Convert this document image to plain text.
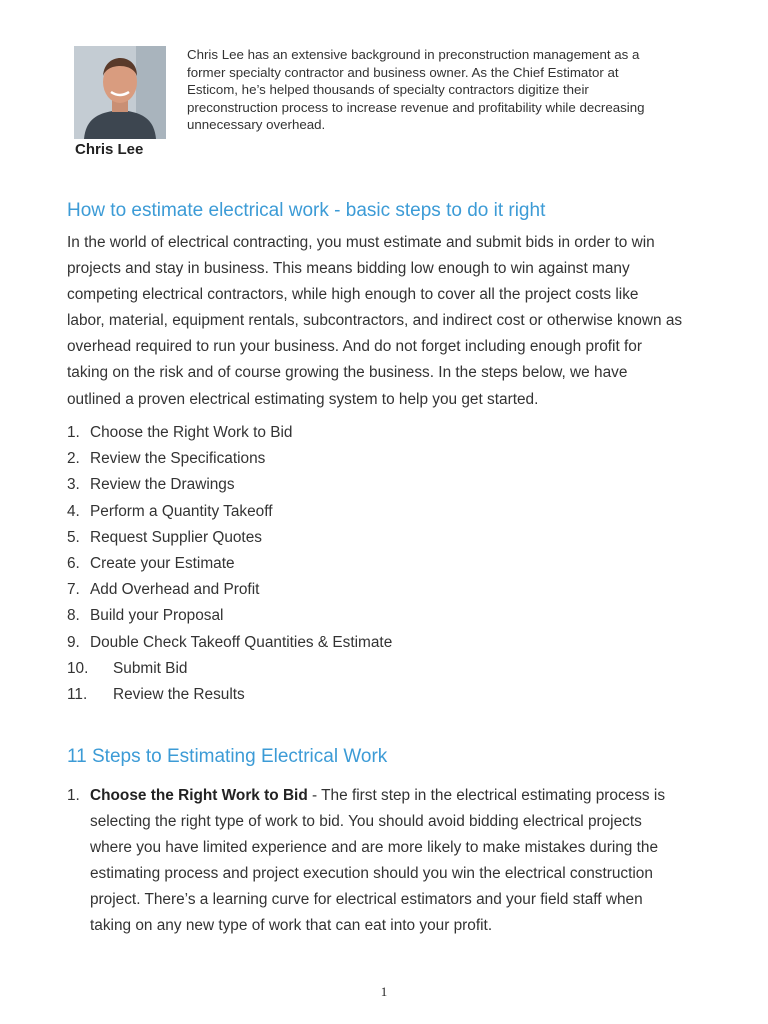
Chris Lee
Chris Lee has an extensive background in preconstruction management as a
former specialty contractor and business owner. As the Chief Estimator at
Esticom, he’s helped thousands of specialty contractors digitize their
preconstruction process to increase revenue and profitability while decreasing
unnecessary overhead.
How to estimate electrical work - basic steps to do it right
In the world of electrical contracting, you must estimate and submit bids in order to win
projects and stay in business. This means bidding low enough to win against many
competing electrical contractors, while high enough to cover all the project costs like
labor, material, equipment rentals, subcontractors, and indirect cost or otherwise known as
overhead required to run your business. And do not forget including enough profit for
taking on the risk and of course growing the business. In the steps below, we have
outlined a proven electrical estimating system to help you get started.
1. Choose the Right Work to Bid
2. Review the Specifications
3. Review the Drawings
4. Perform a Quantity Takeoff
5. Request Supplier Quotes
6. Create your Estimate
7. Add Overhead and Profit
8. Build your Proposal
9. Double Check Takeoff Quantities & Estimate
10. Submit Bid
11. Review the Results
11 Steps to Estimating Electrical Work
1. Choose the Right Work to Bid - The first step in the electrical estimating process is
selecting the right type of work to bid. You should avoid bidding electrical projects
where you have limited experience and are more likely to make mistakes during the
estimating process and project execution should you win the electrical construction
project. There’s a learning curve for electrical estimators and your field staff when
taking on any new type of work that can eat into your profit.
1
